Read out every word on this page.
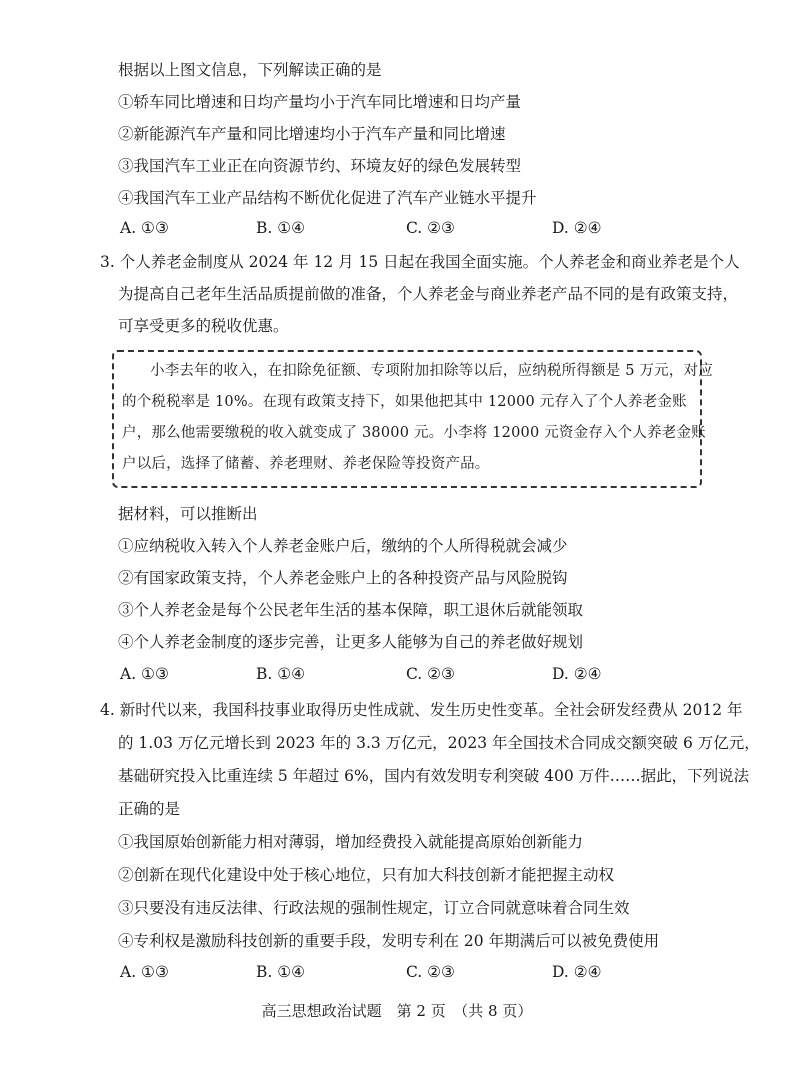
根据以上图文信息，下列解读正确的是
①轿车同比增速和日均产量均小于汽车同比增速和日均产量
②新能源汽车产量和同比增速均小于汽车产量和同比增速
③我国汽车工业正在向资源节约、环境友好的绿色发展转型
④我国汽车工业产品结构不断优化促进了汽车产业链水平提升
A. ①③	B. ①④	C. ②③	D. ②④
3. 个人养老金制度从 2024 年 12 月 15 日起在我国全面实施。个人养老金和商业养老是个人
为提高自己老年生活品质提前做的准备，个人养老金与商业养老产品不同的是有政策支持，
可享受更多的税收优惠。
小李去年的收入，在扣除免征额、专项附加扣除等以后，应纳税所得额是 5 万元，对应
的个税税率是 10%。在现有政策支持下，如果他把其中 12000 元存入了个人养老金账
户，那么他需要缴税的收入就变成了 38000 元。小李将 12000 元资金存入个人养老金账
户以后，选择了储蓄、养老理财、养老保险等投资产品。
据材料，可以推断出
①应纳税收入转入个人养老金账户后，缴纳的个人所得税就会减少
②有国家政策支持，个人养老金账户上的各种投资产品与风险脱钩
③个人养老金是每个公民老年生活的基本保障，职工退休后就能领取
④个人养老金制度的逐步完善，让更多人能够为自己的养老做好规划
A. ①③	B. ①④	C. ②③	D. ②④
4. 新时代以来，我国科技事业取得历史性成就、发生历史性变革。全社会研发经费从 2012 年
的 1.03 万亿元增长到 2023 年的 3.3 万亿元，2023 年全国技术合同成交额突破 6 万亿元，
基础研究投入比重连续 5 年超过 6%，国内有效发明专利突破 400 万件……据此，下列说法
正确的是
①我国原始创新能力相对薄弱，增加经费投入就能提高原始创新能力
②创新在现代化建设中处于核心地位，只有加大科技创新才能把握主动权
③只要没有违反法律、行政法规的强制性规定，订立合同就意味着合同生效
④专利权是激励科技创新的重要手段，发明专利在 20 年期满后可以被免费使用
A. ①③	B. ①④	C. ②③	D. ②④
高三思想政治试题　第 2 页　（共 8 页）
